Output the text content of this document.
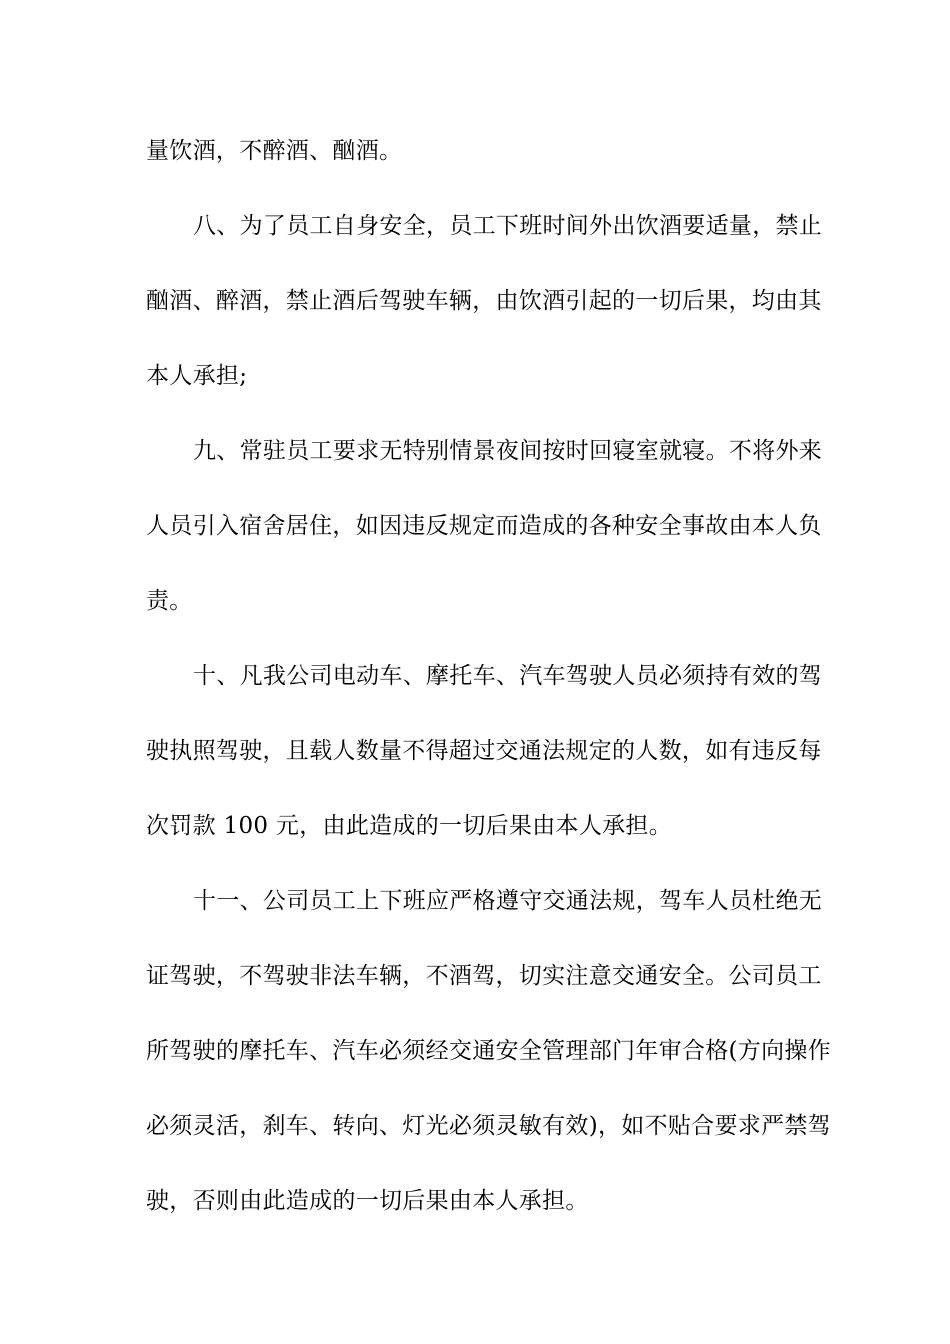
量饮酒，不醉酒、酗酒。
八、为了员工自身安全，员工下班时间外出饮酒要适量，禁止
酗酒、醉酒，禁止酒后驾驶车辆，由饮酒引起的一切后果，均由其
本人承担;
九、常驻员工要求无特别情景夜间按时回寝室就寝。不将外来
人员引入宿舍居住，如因违反规定而造成的各种安全事故由本人负
责。
十、凡我公司电动车、摩托车、汽车驾驶人员必须持有效的驾
驶执照驾驶，且载人数量不得超过交通法规定的人数，如有违反每
次罚款 100 元，由此造成的一切后果由本人承担。
十一、公司员工上下班应严格遵守交通法规，驾车人员杜绝无
证驾驶，不驾驶非法车辆，不酒驾，切实注意交通安全。公司员工
所驾驶的摩托车、汽车必须经交通安全管理部门年审合格(方向操作
必须灵活，刹车、转向、灯光必须灵敏有效)，如不贴合要求严禁驾
驶，否则由此造成的一切后果由本人承担。
